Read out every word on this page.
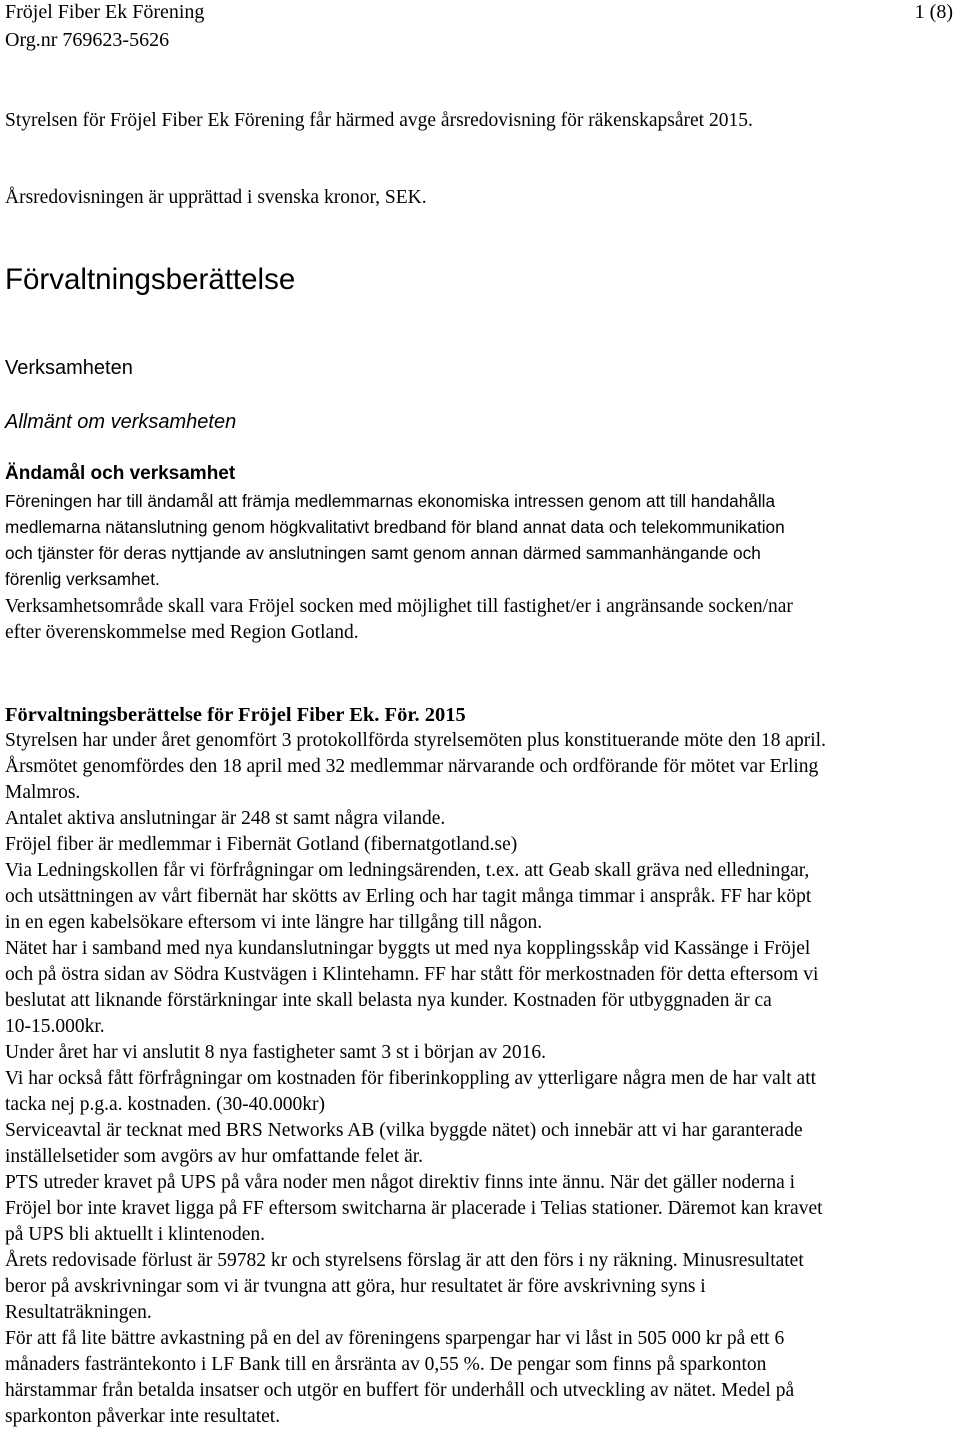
Fröjel Fiber Ek Förening
Org.nr 769623-5626
1 (8)

Styrelsen för Fröjel Fiber Ek Förening får härmed avge årsredovisning för räkenskapsåret 2015.

Årsredovisningen är upprättad i svenska kronor, SEK.

Förvaltningsberättelse
Verksamheten
Allmänt om verksamheten
Ändamål och verksamhet

Föreningen har till ändamål att främja medlemmarnas ekonomiska intressen genom att till handahålla

medlemarna nätanslutning genom högkvalitativt bredband för bland annat data och telekommunikation

och tjänster för deras nyttjande av anslutningen samt genom annan därmed sammanhängande och

förenlig verksamhet.

Verksamhetsområde skall vara Fröjel socken med möjlighet till fastighet/er i angränsande socken/nar

efter överenskommelse med Region Gotland.

Förvaltningsberättelse för Fröjel Fiber Ek. För. 2015

Styrelsen har under året genomfört 3 protokollförda styrelsemöten plus konstituerande möte den 18 april.

Årsmötet genomfördes den 18 april med 32 medlemmar närvarande och ordförande för mötet var Erling

Malmros.

Antalet aktiva anslutningar är 248 st samt några vilande.

Fröjel fiber är medlemmar i Fibernät Gotland (fibernatgotland.se)

Via Ledningskollen får vi förfrågningar om ledningsärenden, t.ex. att Geab skall gräva ned elledningar,

och utsättningen av vårt fibernät har skötts av Erling och har tagit många timmar i anspråk. FF har köpt

in en egen kabelsökare eftersom vi inte längre har tillgång till någon.

Nätet har i samband med nya kundanslutningar byggts ut med nya kopplingsskåp vid Kassänge i Fröjel

och på östra sidan av Södra Kustvägen i Klintehamn. FF har stått för merkostnaden för detta eftersom vi

beslutat att liknande förstärkningar inte skall belasta nya kunder. Kostnaden för utbyggnaden är ca

10-15.000kr.

Under året har vi anslutit 8 nya fastigheter samt 3 st i början av 2016.

Vi har också fått förfrågningar om kostnaden för fiberinkoppling av ytterligare några men de har valt att

tacka nej p.g.a. kostnaden. (30-40.000kr)

Serviceavtal är tecknat med BRS Networks AB (vilka byggde nätet) och innebär att vi har garanterade

inställelsetider som avgörs av hur omfattande felet är.

PTS utreder kravet på UPS på våra noder men något direktiv finns inte ännu. När det gäller noderna i

Fröjel bor inte kravet ligga på FF eftersom switcharna är placerade i Telias stationer. Däremot kan kravet

på UPS bli aktuellt i klintenoden.

Årets redovisade förlust är 59782 kr och styrelsens förslag är att den förs i ny räkning. Minusresultatet

beror på avskrivningar som vi är tvungna att göra, hur resultatet är före avskrivning syns i

Resultaträkningen.

För att få lite bättre avkastning på en del av föreningens sparpengar har vi låst in 505 000 kr på ett 6

månaders fasträntekonto i LF Bank till en årsränta av 0,55 %. De pengar som finns på sparkonton

härstammar från betalda insatser och utgör en buffert för underhåll och utveckling av nätet. Medel på

sparkonton påverkar inte resultatet.
